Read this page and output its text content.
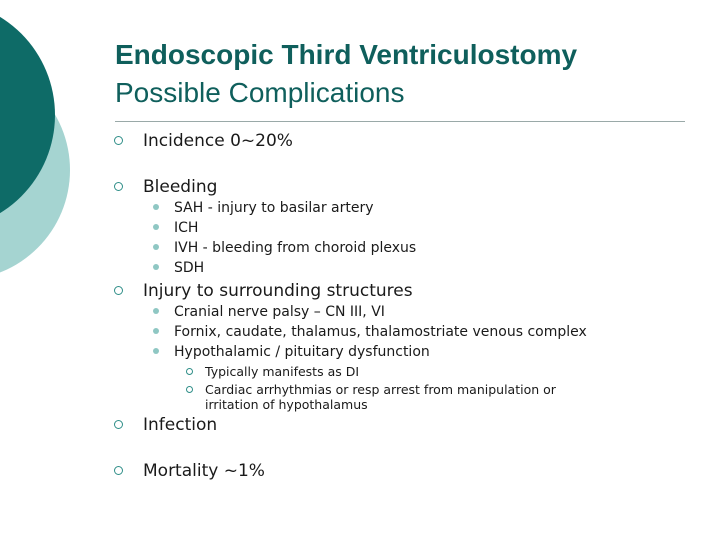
Endoscopic Third Ventriculostomy
Possible Complications
Incidence 0~20%
Bleeding
SAH - injury to basilar artery
ICH
IVH - bleeding from choroid plexus
SDH
Injury to surrounding structures
Cranial nerve palsy – CN III, VI
Fornix, caudate, thalamus, thalamostriate venous complex
Hypothalamic / pituitary dysfunction
Typically manifests as DI
Cardiac arrhythmias or resp arrest from manipulation or
irritation of hypothalamus
Infection
Mortality ~1%
